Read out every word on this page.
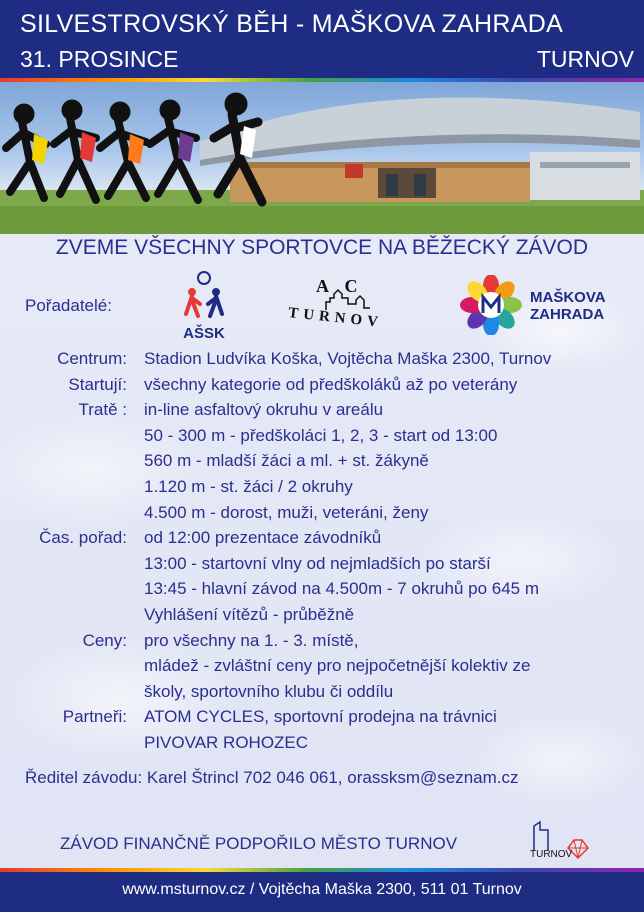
SILVESTROVSKÝ BĚH - MAŠKOVA ZAHRADA
31. PROSINCE	TURNOV
ZVEME VŠECHNY SPORTOVCE NA BĚŽECKÝ ZÁVOD
Pořadatelé:
AŠSK
A C
TURNOV
MAŠKOVA
ZAHRADA
Centrum: Stadion Ludvíka Koška, Vojtěcha Maška 2300, Turnov
Startují: všechny kategorie od předškoláků až po veterány
Tratě : in-line asfaltový okruhu v areálu
50 - 300 m - předškoláci 1, 2, 3 - start od 13:00
560 m - mladší žáci a ml. + st. žákyně
1.120 m - st. žáci / 2 okruhy
4.500 m - dorost, muži, veteráni, ženy
Čas. pořad: od 12:00 prezentace závodníků
13:00 - startovní vlny od nejmladších po starší
13:45 - hlavní závod na 4.500m - 7 okruhů po 645 m
Vyhlášení vítězů - průběžně
Ceny: pro všechny na 1. - 3. místě,
mládež - zvláštní ceny pro nejpočetnější kolektiv ze
školy, sportovního klubu či oddílu
Partneři: ATOM CYCLES, sportovní prodejna na trávnici
PIVOVAR ROHOZEC
Ředitel závodu: Karel Štrincl 702 046 061, orassksm@seznam.cz
ZÁVOD FINANČNĚ PODPOŘILO MĚSTO TURNOV
TURNOV
www.msturnov.cz / Vojtěcha Maška 2300, 511 01 Turnov
